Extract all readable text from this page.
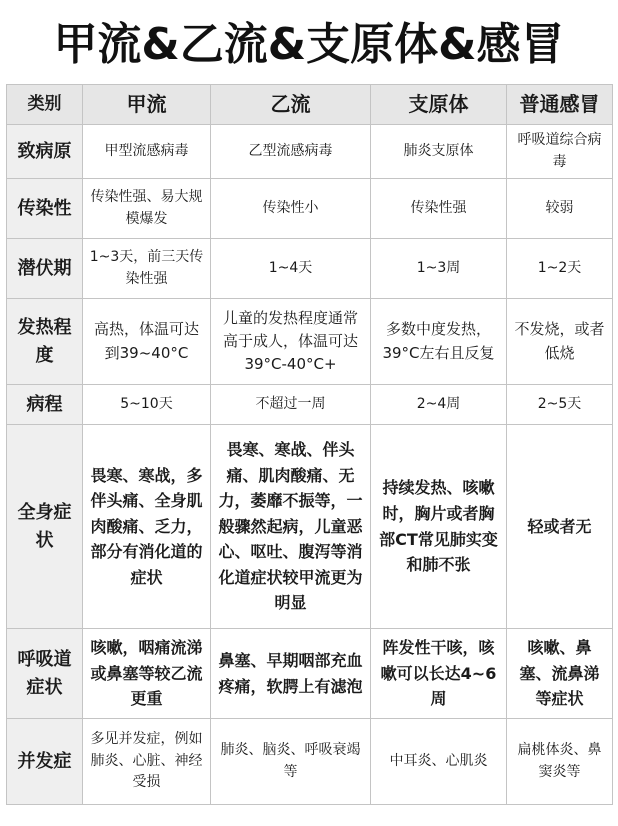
甲流&乙流&支原体&感冒
类别	甲流	乙流	支原体	普通感冒
致病原	甲型流感病毒	乙型流感病毒	肺炎支原体	呼吸道综合病毒
传染性	传染性强、易大规模爆发	传染性小	传染性强	较弱
潜伏期	1~3天，前三天传染性强	1~4天	1~3周	1~2天
发热程度	高热，体温可达到39~40°C	儿童的发热程度通常高于成人，体温可达39°C-40°C+	多数中度发热，39°C左右且反复	不发烧，或者低烧
病程	5~10天	不超过一周	2~4周	2~5天
全身症状	畏寒、寒战，多伴头痛、全身肌肉酸痛、乏力，部分有消化道的症状	畏寒、寒战、伴头痛、肌肉酸痛、无力，萎靡不振等，一般骤然起病，儿童恶心、呕吐、腹泻等消化道症状较甲流更为明显	持续发热、咳嗽时，胸片或者胸部CT常见肺实变和肺不张	轻或者无
呼吸道症状	咳嗽，咽痛流涕或鼻塞等较乙流更重	鼻塞、早期咽部充血疼痛，软腭上有滤泡	阵发性干咳，咳嗽可以长达4~6周	咳嗽、鼻塞、流鼻涕等症状
并发症	多见并发症，例如肺炎、心脏、神经受损	肺炎、脑炎、呼吸衰竭等	中耳炎、心肌炎	扁桃体炎、鼻窦炎等
